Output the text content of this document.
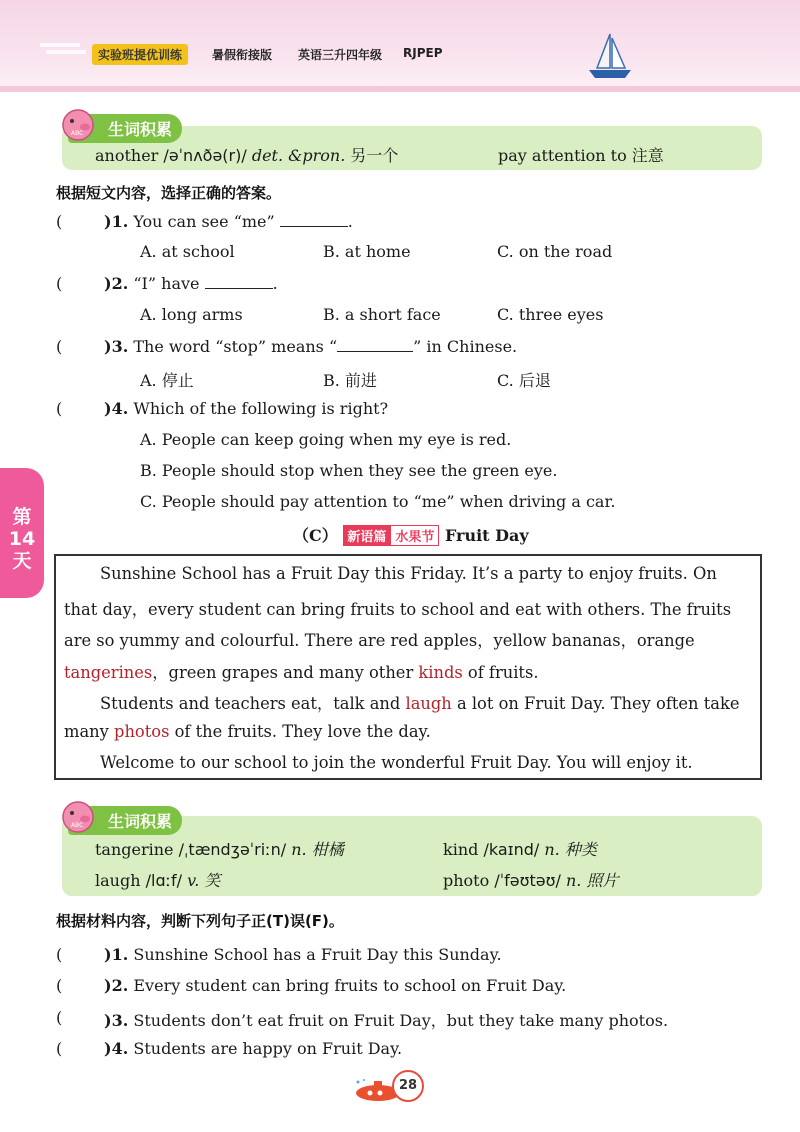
实验班提优训练	暑假衔接版 英语三升四年级 RJPEP
生词积累
ABC
another /əˈnʌðə(r)/ det. &pron. 另一个	pay attention to 注意
根据短文内容，选择正确的答案。
(	)1. You can see “me”	.
A. at school	B. at home	C. on the road
(	)2. “I” have	.
A. long arms	B. a short face	C. three eyes
(	)3. The word “stop” means “	” in Chinese.
A. 停止	B. 前进	C. 后退
(	)4. Which of the following is right?
A. People can keep going when my eye is red.
B. People should stop when they see the green eye.
C. People should pay attention to “me” when driving a car.
第
14
天
（C） 新语篇 水果节 Fruit Day
Sunshine School has a Fruit Day this Friday. It’s a party to enjoy fruits. On
that day，every student can bring fruits to school and eat with others. The fruits
are so yummy and colourful. There are red apples，yellow bananas，orange
tangerines，green grapes and many other kinds of fruits.
Students and teachers eat，talk and laugh a lot on Fruit Day. They often take
many photos of the fruits. They love the day.
Welcome to our school to join the wonderful Fruit Day. You will enjoy it.
生词积累
ABC
tangerine /ˌtændʒəˈriːn/ n. 柑橘	kind /kaɪnd/ n. 种类
laugh /lɑːf/ v. 笑	photo /ˈfəʊtəʊ/ n. 照片
根据材料内容，判断下列句子正(T)误(F)。
(	)1. Sunshine School has a Fruit Day this Sunday.
(	)2. Every student can bring fruits to school on Fruit Day.
(	)3. Students don’t eat fruit on Fruit Day，but they take many photos.
(	)4. Students are happy on Fruit Day.
28
